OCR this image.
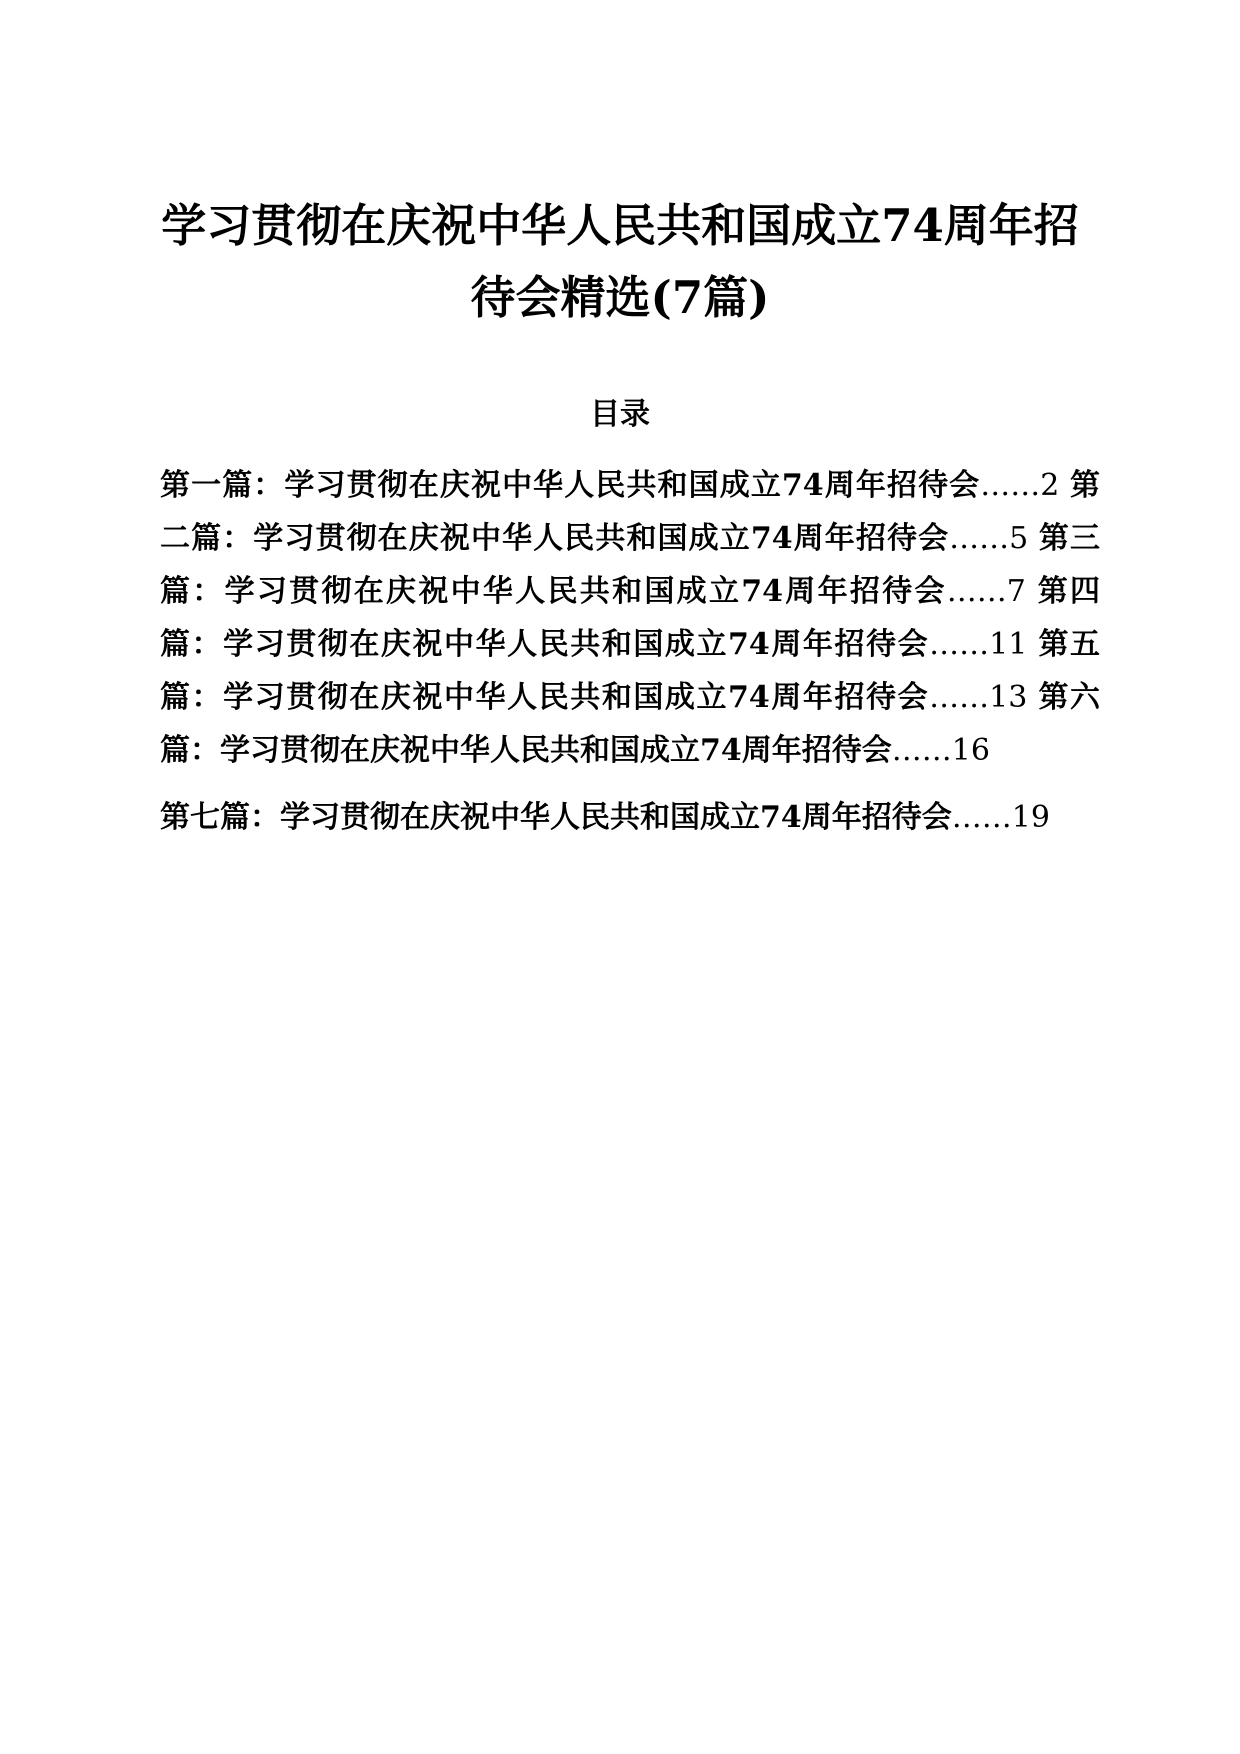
学习贯彻在庆祝中华人民共和国成立74周年招待会精选(7篇)
目录

第一篇：学习贯彻在庆祝中华人民共和国成立74周年招待会……2 第二篇：学习贯彻在庆祝中华人民共和国成立74周年招待会……5 第三篇：学习贯彻在庆祝中华人民共和国成立74周年招待会……7 第四篇：学习贯彻在庆祝中华人民共和国成立74周年招待会……11 第五篇：学习贯彻在庆祝中华人民共和国成立74周年招待会……13 第六篇：学习贯彻在庆祝中华人民共和国成立74周年招待会……16

第七篇：学习贯彻在庆祝中华人民共和国成立74周年招待会……19
